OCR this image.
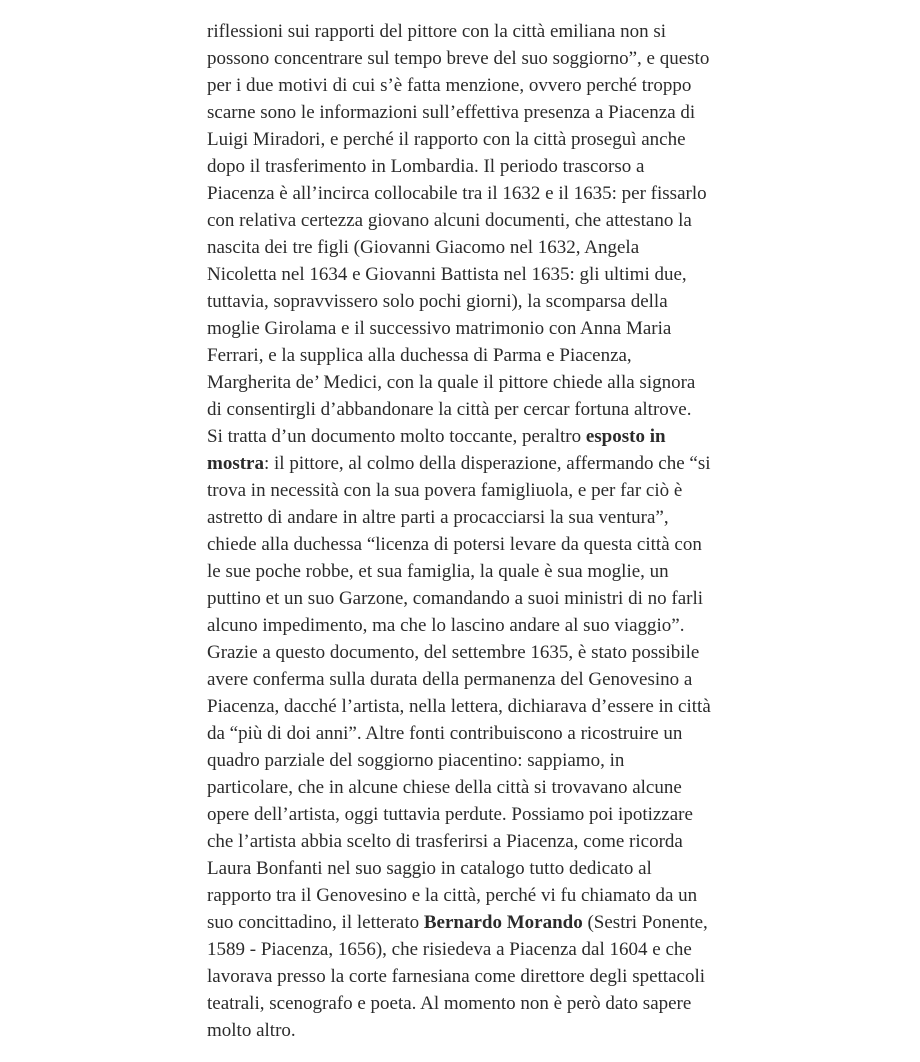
riflessioni sui rapporti del pittore con la città emiliana non si possono concentrare sul tempo breve del suo soggiorno”, e questo per i due motivi di cui s’è fatta menzione, ovvero perché troppo scarne sono le informazioni sull’effettiva presenza a Piacenza di Luigi Miradori, e perché il rapporto con la città proseguì anche dopo il trasferimento in Lombardia. Il periodo trascorso a Piacenza è all’incirca collocabile tra il 1632 e il 1635: per fissarlo con relativa certezza giovano alcuni documenti, che attestano la nascita dei tre figli (Giovanni Giacomo nel 1632, Angela Nicoletta nel 1634 e Giovanni Battista nel 1635: gli ultimi due, tuttavia, sopravvissero solo pochi giorni), la scomparsa della moglie Girolama e il successivo matrimonio con Anna Maria Ferrari, e la supplica alla duchessa di Parma e Piacenza, Margherita de’ Medici, con la quale il pittore chiede alla signora di consentirgli d’abbandonare la città per cercar fortuna altrove. Si tratta d’un documento molto toccante, peraltro esposto in mostra: il pittore, al colmo della disperazione, affermando che “si trova in necessità con la sua povera famigliuola, e per far ciò è astretto di andare in altre parti a procacciarsi la sua ventura”, chiede alla duchessa “licenza di potersi levare da questa città con le sue poche robbe, et sua famiglia, la quale è sua moglie, un puttino et un suo Garzone, comandando a suoi ministri di no farli alcuno impedimento, ma che lo lascino andare al suo viaggio”. Grazie a questo documento, del settembre 1635, è stato possibile avere conferma sulla durata della permanenza del Genovesino a Piacenza, dacché l’artista, nella lettera, dichiarava d’essere in città da “più di doi anni”. Altre fonti contribuiscono a ricostruire un quadro parziale del soggiorno piacentino: sappiamo, in particolare, che in alcune chiese della città si trovavano alcune opere dell’artista, oggi tuttavia perdute. Possiamo poi ipotizzare che l’artista abbia scelto di trasferirsi a Piacenza, come ricorda Laura Bonfanti nel suo saggio in catalogo tutto dedicato al rapporto tra il Genovesino e la città, perché vi fu chiamato da un suo concittadino, il letterato Bernardo Morando (Sestri Ponente, 1589 - Piacenza, 1656), che risiedeva a Piacenza dal 1604 e che lavorava presso la corte farnesiana come direttore degli spettacoli teatrali, scenografo e poeta. Al momento non è però dato sapere molto altro.
